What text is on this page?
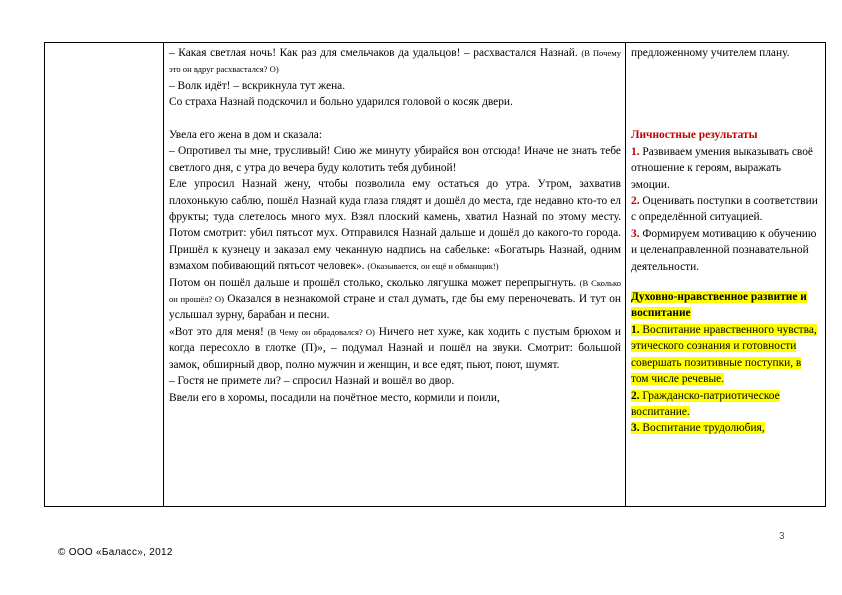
– Какая светлая ночь! Как раз для смельчаков да удальцов! – расхвастался Назнай. (В Почему это он вдруг расхвастался? О)

– Волк идёт! – вскрикнула тут жена.

Со страха Назнай подскочил и больно ударился головой о косяк двери.

Увела его жена в дом и сказала:

– Опротивел ты мне, трусливый! Сию же минуту убирайся вон отсюда! Иначе не знать тебе светлого дня, с утра до вечера буду колотить тебя дубиной!

Еле упросил Назнай жену, чтобы позволила ему остаться до утра. Утром, захватив плохонькую саблю, пошёл Назнай куда глаза глядят и дошёл до места, где недавно кто-то ел фрукты; туда слетелось много мух. Взял плоский камень, хватил Назнай по этому месту. Потом смотрит: убил пятьсот мух. Отправился Назнай дальше и дошёл до какого-то города. Пришёл к кузнецу и заказал ему чеканную надпись на сабельке: «Богатырь Назнай, одним взмахом побивающий пятьсот человек». (Оказывается, он ещё и обманщик!)

Потом он пошёл дальше и прошёл столько, сколько лягушка может перепрыгнуть. (В Сколько он прошёл? О) Оказался в незнакомой стране и стал думать, где бы ему переночевать. И тут он услышал зурну, барабан и песни.

«Вот это для меня! (В Чему он обрадовался? О) Ничего нет хуже, как ходить с пустым брюхом и когда пересохло в глотке (П)», – подумал Назнай и пошёл на звуки. Смотрит: большой замок, обширный двор, полно мужчин и женщин, и все едят, пьют, поют, шумят.

– Гостя не примете ли? – спросил Назнай и вошёл во двор.

Ввели его в хоромы, посадили на почётное место, кормили и поили,

предложенному учителем плану.

Личностные результаты

1. Развиваем умения выказывать своё отношение к героям, выражать эмоции.

2. Оценивать поступки в соответствии с определённой ситуацией.

3. Формируем мотивацию к обучению и целенаправленной познавательной деятельности.

Духовно-нравственное развитие и воспитание

1. Воспитание нравственного чувства, этического сознания и готовности совершать позитивные поступки, в том числе речевые.

2. Гражданско-патриотическое воспитание.

3. Воспитание трудолюбия,

3
© ООО «Баласс», 2012
